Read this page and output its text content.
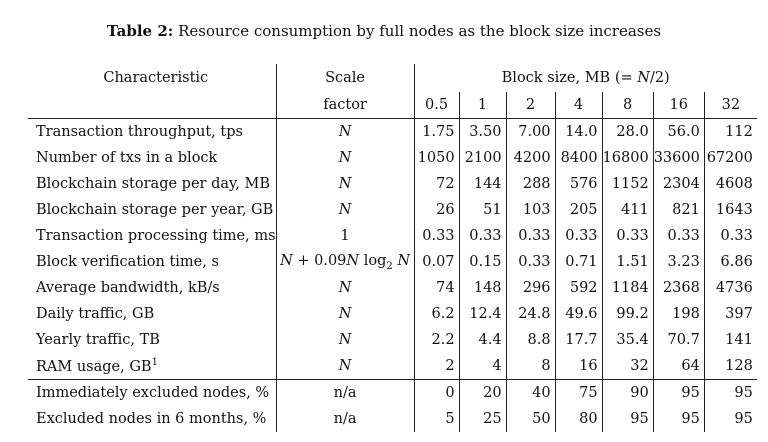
Table 2: Resource consumption by full nodes as the block size increases
Characteristic	Scale	Block size, MB (= N/2)						
	factor	0.5	1	2	4	8	16	32
Transaction throughput, tps	N	1.75	3.50	7.00	14.0	28.0	56.0	112
Number of txs in a block	N	1050	2100	4200	8400	16800	33600	67200
Blockchain storage per day, MB	N	72	144	288	576	1152	2304	4608
Blockchain storage per year, GB	N	26	51	103	205	411	821	1643
Transaction processing time, ms	1	0.33	0.33	0.33	0.33	0.33	0.33	0.33
Block verification time, s	N + 0.09N $\log_2 N$	0.07	0.15	0.33	0.71	1.51	3.23	6.86
Average bandwidth, kB/s	N	74	148	296	592	1184	2368	4736
Daily traffic, GB	N	6.2	12.4	24.8	49.6	99.2	198	397
Yearly traffic, TB	N	2.2	4.4	8.8	17.7	35.4	70.7	141
RAM usage, $GB^1$	N	2	4	8	16	32	64	128
Immediately excluded nodes, %	n/a	0	20	40	75	90	95	95
Excluded nodes in 6 months, %	n/a	5	25	50	80	95	95	95
